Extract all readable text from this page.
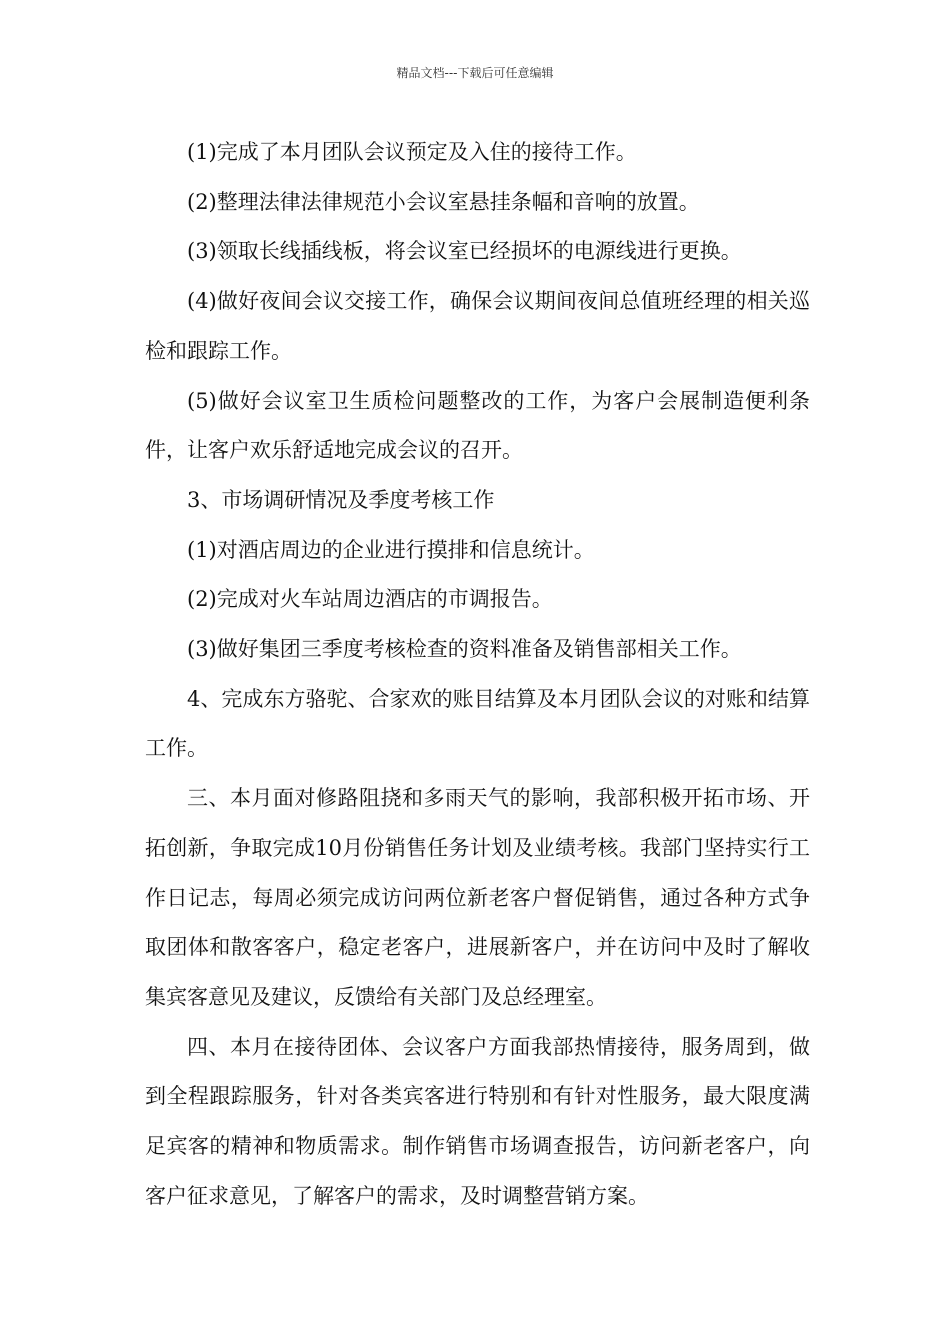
精品文档---下载后可任意编辑

(1)完成了本月团队会议预定及入住的接待工作。

(2)整理法律法律规范小会议室悬挂条幅和音响的放置。

(3)领取长线插线板，将会议室已经损坏的电源线进行更换。

(4)做好夜间会议交接工作，确保会议期间夜间总值班经理的相关巡检和跟踪工作。

(5)做好会议室卫生质检问题整改的工作，为客户会展制造便利条件，让客户欢乐舒适地完成会议的召开。

3、市场调研情况及季度考核工作

(1)对酒店周边的企业进行摸排和信息统计。

(2)完成对火车站周边酒店的市调报告。

(3)做好集团三季度考核检查的资料准备及销售部相关工作。

4、完成东方骆驼、合家欢的账目结算及本月团队会议的对账和结算工作。

三、本月面对修路阻挠和多雨天气的影响，我部积极开拓市场、开拓创新，争取完成10月份销售任务计划及业绩考核。我部门坚持实行工作日记志，每周必须完成访问两位新老客户督促销售，通过各种方式争取团体和散客客户，稳定老客户，进展新客户，并在访问中及时了解收集宾客意见及建议，反馈给有关部门及总经理室。

四、本月在接待团体、会议客户方面我部热情接待，服务周到，做到全程跟踪服务，针对各类宾客进行特别和有针对性服务，最大限度满足宾客的精神和物质需求。制作销售市场调查报告，访问新老客户，向客户征求意见，了解客户的需求，及时调整营销方案。
